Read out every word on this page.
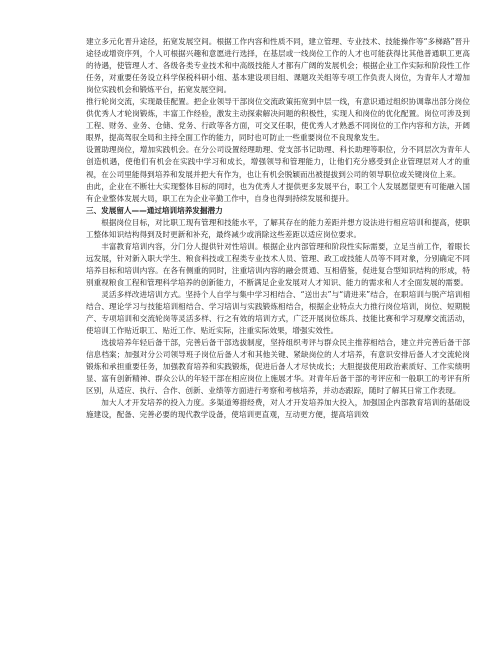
建立多元化晋升途径，拓宽发展空间。根据工作内容和性质不同，建立管理、专业技术、技能操作等“多梯路”晋升途径或增资序列，个人可根据兴趣和意愿进行选择，在基层或一线岗位工作的人才也可能获得比其他普通职工更高的待遇，使管理人才、各级各类专业技术和中高级技能人才都有广阔的发展机会；根据企业工作实际和阶段性工作任务，对重要任务设立科学保税科研小组、基本建设项目组、课题攻关组等专项工作负责人岗位，为青年人才增加岗位实践机会和锻炼平台，拓宽发展空间。

推行轮岗交流，实现最佳配置。把企业领导干部岗位交流政策拓宽到中层一线，有意识通过组织协调靠出部分岗位供优秀人才轮岗锻炼，丰富工作经验，激发主动探索解决问题的积极性，实现人和岗位的优化配置。岗位可涉及到工程、财务、业务、仓储、党务、行政等各方面，可交叉任职，使优秀人才熟悉不同岗位的工作内容和方法，开阔眼界，提高驾驭全局和主持全面工作的能力，同时也可防止一些重要岗位不良现象发生。

设置助理岗位，增加实践机会。在分公司设置经理助理、党支部书记助理、科长助理等职位，分不同层次为青年人创造机遇，使他们有机会在实践中学习和成长，增强领导和管理能力，让他们充分感受到企业管理层对人才的重视，在公司里能得到培养和发展并把大有作为，也让有机会脱颖而出被提拔到公司的领导职位或关键岗位上来。

由此，企业在不断壮大实现整体目标的同时，也为优秀人才提供更多发展平台，职工个人发展愿望更有可能融入国有企业整体发展大局，职工在为企业辛勤工作中，自身也得到持续发展和提升。

三、发展留人——通过培训培养发掘潜力

根据岗位目标，对比职工现有管理和技能水平，了解其存在的能力差距并想方设法进行相应培训和提高，使职工整体知识结构得到及时更新和补充，最终减少或消除这些差距以适应岗位要求。

丰富教育培训内容，分门分人提供针对性培训。根据企业内部管理和阶段性实际需要，立足当前工作，着眼长远发展，针对新入职大学生、粮食科技或工程类专业技术人员、管理、政工或技能人员等不同对象，分别确定不同培养目标和培训内容。在各有侧重的同时，注重培训内容的融会贯通、互相借鉴，促进复合型知识结构的形成，特别重视粮食工程和管理科学培养的创新能力，不断满足企业发展对人才知识、能力的需求和人才全面发展的需要。

灵活多样改进培训方式。坚持个人自学与集中学习相结合、“送出去”与“请进来”结合，在职培训与脱产培训相结合、理论学习与技能培训相结合、学习培训与实践锻炼相结合，根据企业特点大力推行岗位培训，岗位、短期脱产、专项培训和交流轮岗等灵活多样、行之有效的培训方式，广泛开展岗位练兵、技能比赛和学习观摩交流活动，使培训工作贴近职工、贴近工作、贴近实际，注重实际效果，增强实效性。

选拔培养年轻后备干部，完善后备干部选拔制度，坚持组织考评与群众民主推荐相结合，建立并完善后备干部信息档案；加强对分公司领导班子岗位后备人才和其他关键、紧缺岗位的人才培养，有意识安排后备人才交流轮岗锻炼和承担重要任务，加强教育培养和实践锻炼，促进后备人才尽快成长；大胆提拔使用政治素质好、工作实绩明显、富有创新精神、群众公认的年轻干部在相应岗位上施展才华。对青年后备干部的考评应和一般职工的考评有所区别，从适应、执行、合作、创新、业绩等方面进行考察和考核培养，并动态跟踪，随时了解其日常工作表现。

加大人才开发培养的投入力度。多渠道筹措经费，对人才开发培养加大投入，加强国企内部教育培训的基础设施建设，配备、完善必要的现代教学设备，使培训更直观，互动更方便，提高培训效
